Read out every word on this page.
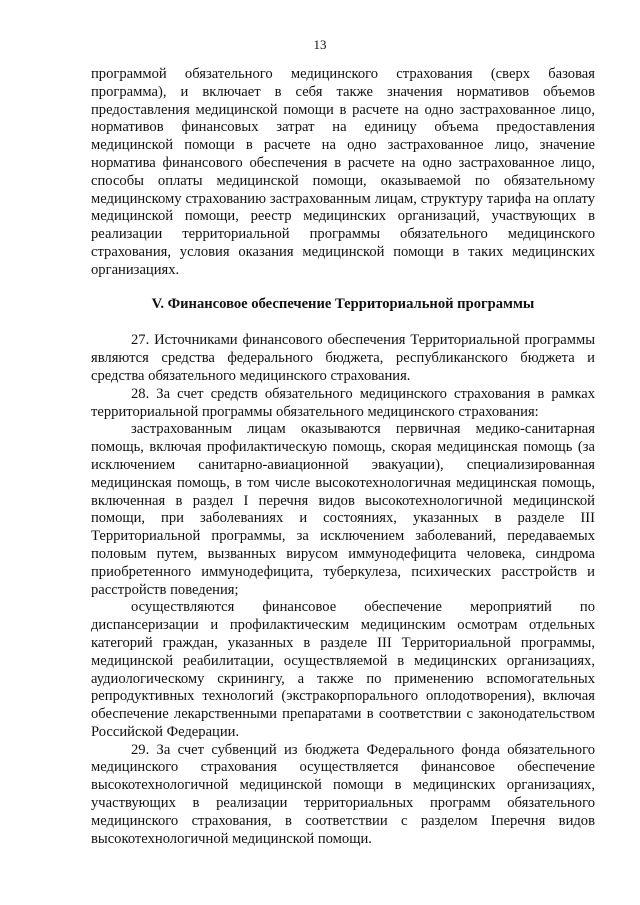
13

программой обязательного медицинского страхования (сверх базовая программа), и включает в себя также значения нормативов объемов предоставления медицинской помощи в расчете на одно застрахованное лицо, нормативов финансовых затрат на единицу объема предоставления медицинской помощи в расчете на одно застрахованное лицо, значение норматива финансового обеспечения в расчете на одно застрахованное лицо, способы оплаты медицинской помощи, оказываемой по обязательному медицинскому страхованию застрахованным лицам, структуру тарифа на оплату медицинской помощи, реестр медицинских организаций, участвующих в реализации территориальной программы обязательного медицинского страхования, условия оказания медицинской помощи в таких медицинских организациях.

V. Финансовое обеспечение Территориальной программы

27. Источниками финансового обеспечения Территориальной программы являются средства федерального бюджета, республиканского бюджета и средства обязательного медицинского страхования.

28. За счет средств обязательного медицинского страхования в рамках территориальной программы обязательного медицинского страхования:

застрахованным лицам оказываются первичная медико-санитарная помощь, включая профилактическую помощь, скорая медицинская помощь (за исключением санитарно-авиационной эвакуации), специализированная медицинская помощь, в том числе высокотехнологичная медицинская помощь, включенная в раздел I перечня видов высокотехнологичной медицинской помощи, при заболеваниях и состояниях, указанных в разделе III Территориальной программы, за исключением заболеваний, передаваемых половым путем, вызванных вирусом иммунодефицита человека, синдрома приобретенного иммунодефицита, туберкулеза, психических расстройств и расстройств поведения;

осуществляются финансовое обеспечение мероприятий по диспансеризации и профилактическим медицинским осмотрам отдельных категорий граждан, указанных в разделе III Территориальной программы, медицинской реабилитации, осуществляемой в медицинских организациях, аудиологическому скринингу, а также по применению вспомогательных репродуктивных технологий (экстракорпорального оплодотворения), включая обеспечение лекарственными препаратами в соответствии с законодательством Российской Федерации.

29. За счет субвенций из бюджета Федерального фонда обязательного медицинского страхования осуществляется финансовое обеспечение высокотехнологичной медицинской помощи в медицинских организациях, участвующих в реализации территориальных программ обязательного медицинского страхования, в соответствии с разделом Iперечня видов высокотехнологичной медицинской помощи.
